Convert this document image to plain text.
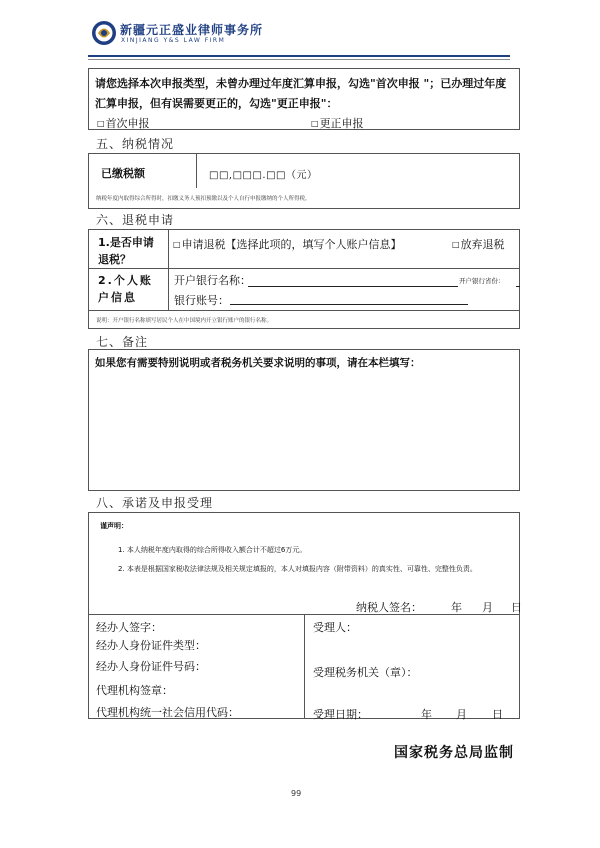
新疆元正盛业律师事务所
XINJIANG Y&S LAW FIRM
请您选择本次申报类型，未曾办理过年度汇算申报，勾选"首次申报 "；已办理过年度汇算申报，但有误需要更正的，勾选"更正申报"：
□首次申报	□更正申报
五、纳税情况
已缴税额	□□,□□□.□□（元）
纳税年度内取得综合所得时，扣缴义务人预扣预缴以及个人自行申报缴纳的个人所得税。
六、退税申请
1.是否申请退税？
□申请退税【选择此项的，填写个人账户信息】	□放弃退税
2.个人账户信息
开户银行名称：	开户银行省份：
银行账号：
说明：开户银行名称填写居民个人在中国境内开立银行账户的银行名称。
七、备注
如果您有需要特别说明或者税务机关要求说明的事项，请在本栏填写：
八、承诺及申报受理
谨声明：
1. 本人纳税年度内取得的综合所得收入额合计不超过6万元。
2. 本表是根据国家税收法律法规及相关规定填报的，本人对填报内容（附带资料）的真实性、可靠性、完整性负责。
纳税人签名：	年 月 日
经办人签字：
经办人身份证件类型：
经办人身份证件号码：
代理机构签章：
代理机构统一社会信用代码：
受理人：
受理税务机关（章）：
受理日期：	年 月 日
国家税务总局监制
99
